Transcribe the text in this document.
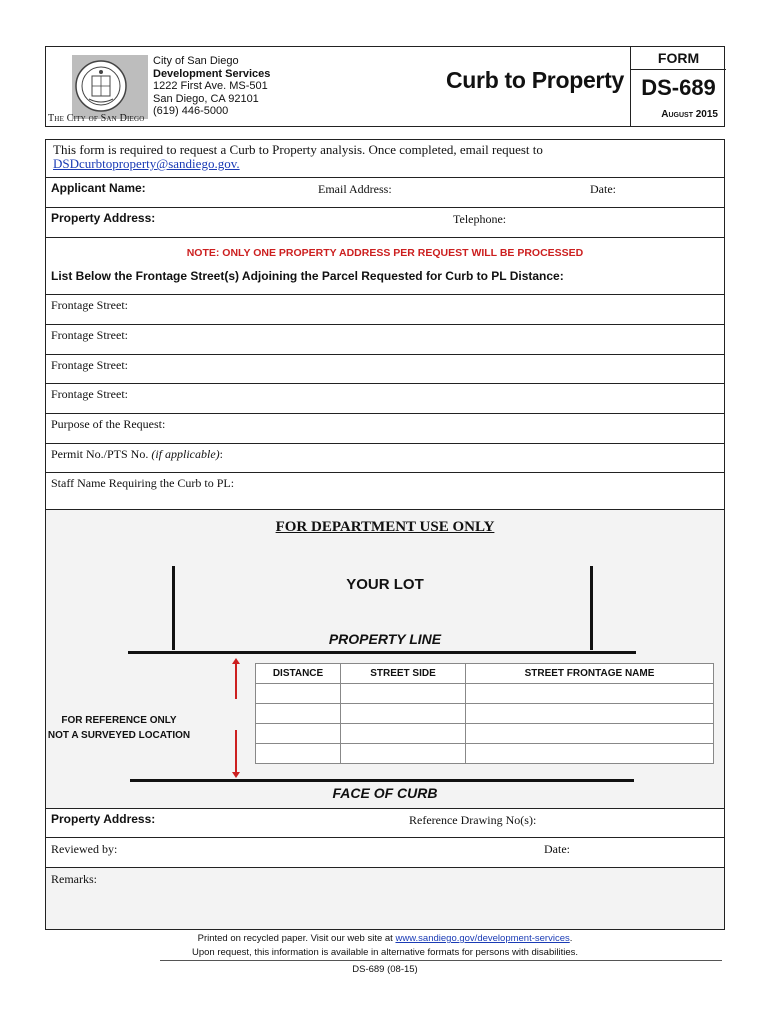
The City of San Diego
City of San Diego
Development Services
1222 First Ave. MS-501
San Diego, CA 92101
(619) 446-5000
Curb to Property
FORM
DS-689
August 2015
This form is required to request a Curb to Property analysis. Once completed, email request to
DSDcurbtoproperty@sandiego.gov.
Applicant Name:	Email Address:	Date:
Property Address:	Telephone:
NOTE: ONLY ONE PROPERTY ADDRESS PER REQUEST WILL BE PROCESSED
List Below the Frontage Street(s) Adjoining the Parcel Requested for Curb to PL Distance:
Frontage Street:
Frontage Street:
Frontage Street:
Frontage Street:
Purpose of the Request:
Permit No./PTS No. (if applicable):
Staff Name Requiring the Curb to PL:
FOR DEPARTMENT USE ONLY
YOUR LOT
PROPERTY LINE
FOR REFERENCE ONLY
NOT A SURVEYED LOCATION
FACE OF CURB
DISTANCE	STREET SIDE	STREET FRONTAGE NAME

Property Address:	Reference Drawing No(s):
Reviewed by:	Date:
Remarks:
Printed on recycled paper. Visit our web site at www.sandiego.gov/development-services.
Upon request, this information is available in alternative formats for persons with disabilities.
DS-689 (08-15)
